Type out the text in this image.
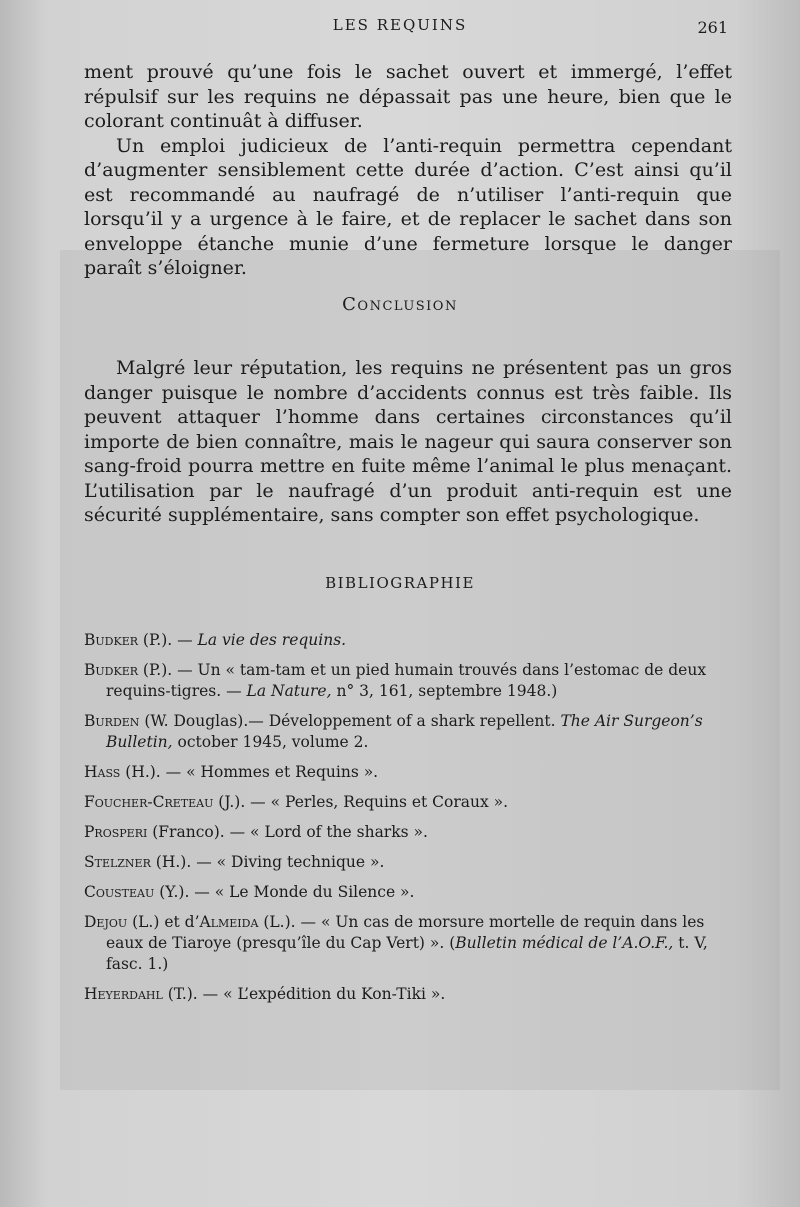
LES REQUINS	261

ment prouvé qu’une fois le sachet ouvert et immergé, l’effet répulsif sur les requins ne dépassait pas une heure, bien que le colorant continuât à diffuser.

Un emploi judicieux de l’anti-requin permettra cependant d’augmenter sensiblement cette durée d’action. C’est ainsi qu’il est recommandé au naufragé de n’utiliser l’anti-requin que lorsqu’il y a urgence à le faire, et de replacer le sachet dans son enveloppe étanche munie d’une fermeture lorsque le danger paraît s’éloigner.

Conclusion

Malgré leur réputation, les requins ne présentent pas un gros danger puisque le nombre d’accidents connus est très faible. Ils peuvent attaquer l’homme dans certaines circonstances qu’il importe de bien connaître, mais le nageur qui saura conserver son sang-froid pourra mettre en fuite même l’animal le plus menaçant. L’utilisation par le naufragé d’un produit anti-requin est une sécurité supplémentaire, sans compter son effet psychologique.

BIBLIOGRAPHIE

Budker (P.). — La vie des requins.

Budker (P.). — Un « tam-tam et un pied humain trouvés dans l’estomac de deux requins-tigres. — La Nature, n° 3, 161, septembre 1948.)

Burden (W. Douglas).— Développement of a shark repellent. The Air Surgeon’s Bulletin, october 1945, volume 2.

Hass (H.). — « Hommes et Requins ».

Foucher-Creteau (J.). — « Perles, Requins et Coraux ».

Prosperi (Franco). — « Lord of the sharks ».

Stelzner (H.). — « Diving technique ».

Cousteau (Y.). — « Le Monde du Silence ».

Dejou (L.) et d’Almeida (L.). — « Un cas de morsure mortelle de requin dans les eaux de Tiaroye (presqu’île du Cap Vert) ». (Bulletin médical de l’A.O.F., t. V, fasc. 1.)

Heyerdahl (T.). — « L’expédition du Kon-Tiki ».
